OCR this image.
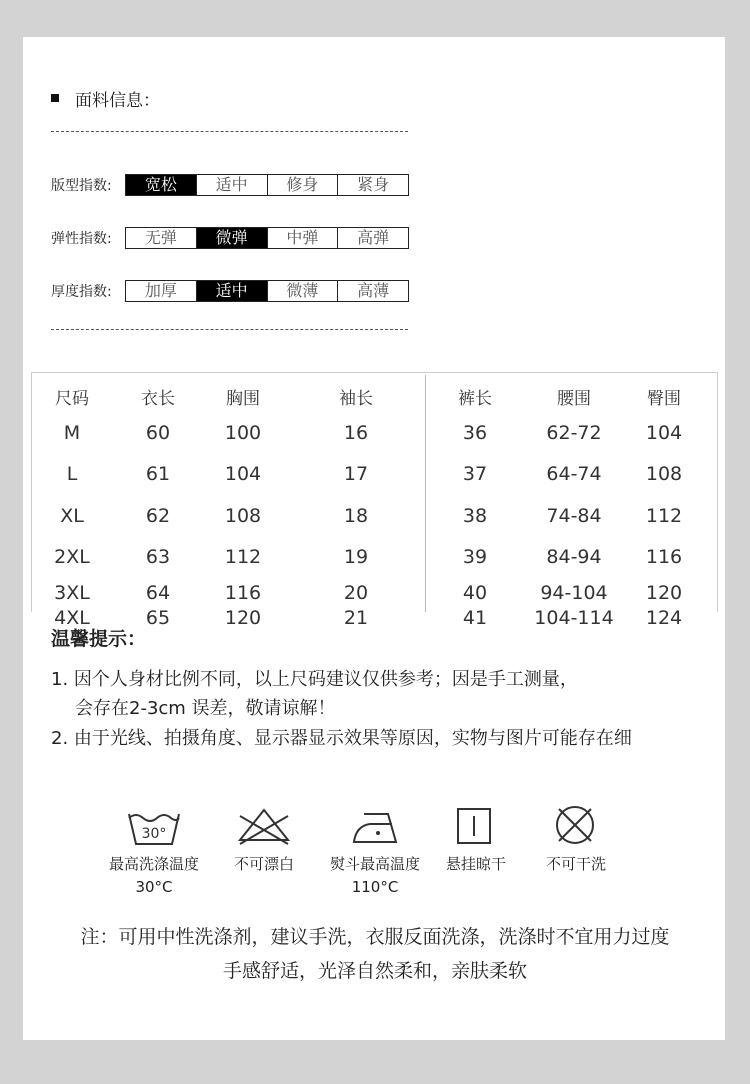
面料信息：
版型指数:	宽松	适中	修身	紧身
弹性指数:	无弹	微弹	中弹	高弹
厚度指数:	加厚	适中	微薄	高薄
尺码	衣长	胸围	袖长	裤长	腰围	臀围
M	60	100	16	36	62-72 104
L	61	104	17	37	64-74 108
XL	62	108	18	38	74-84 112
2XL	63	112	19	39	84-94 116
3XL	64	116	20	40	94-104 120
4XL	65	120	21	41 104-114 124
温馨提示：
1. 因个人身材比例不同，以上尺码建议仅供参考；因是手工测量，
会存在2-3cm 误差，敬请谅解！
2. 由于光线、拍摄角度、显示器显示效果等原因，实物与图片可能存在细
30°
最高洗涤温度
30°C
不可漂白 熨斗最高温度
110°C
悬挂晾干	不可干洗
注：可用中性洗涤剂，建议手洗，衣服反面洗涤，洗涤时不宜用力过度
手感舒适，光泽自然柔和，亲肤柔软
